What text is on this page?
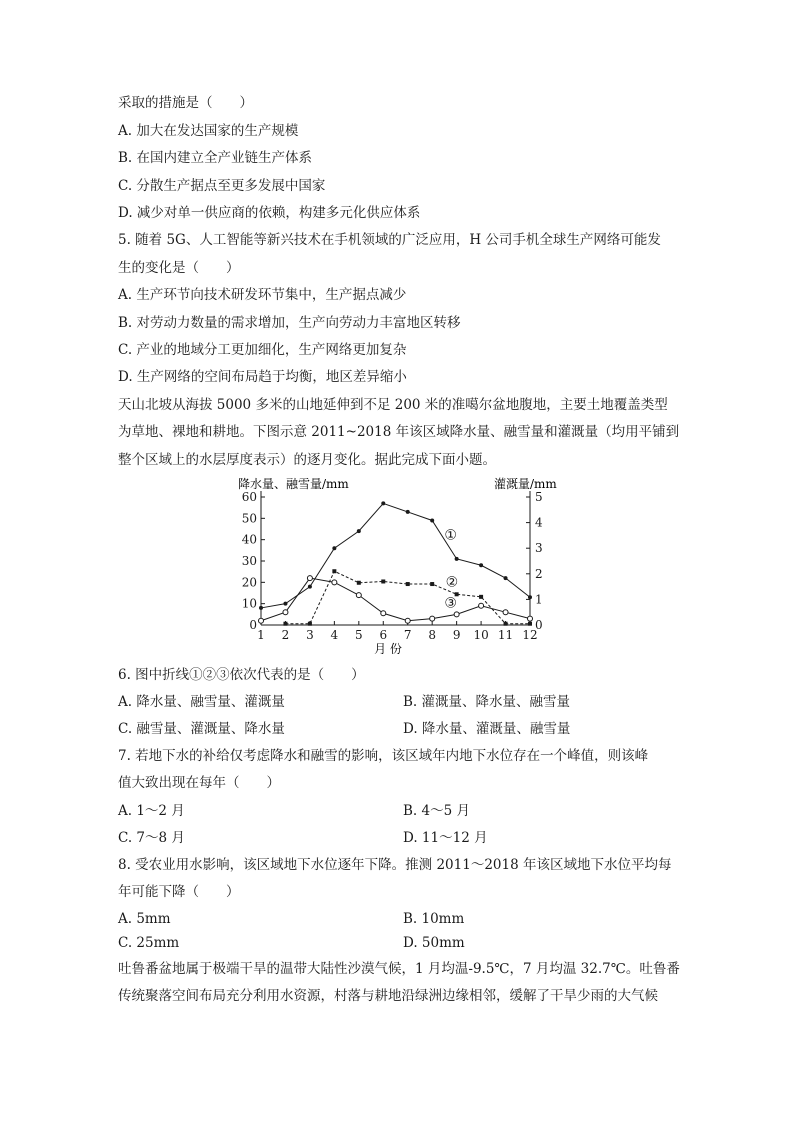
采取的措施是（　　）
A. 加大在发达国家的生产规模
B. 在国内建立全产业链生产体系
C. 分散生产据点至更多发展中国家
D. 减少对单一供应商的依赖，构建多元化供应体系
5. 随着 5G、人工智能等新兴技术在手机领域的广泛应用，H 公司手机全球生产网络可能发
生的变化是（　　）
A. 生产环节向技术研发环节集中，生产据点减少
B. 对劳动力数量的需求增加，生产向劳动力丰富地区转移
C. 产业的地域分工更加细化，生产网络更加复杂
D. 生产网络的空间布局趋于均衡，地区差异缩小
天山北坡从海拔 5000 多米的山地延伸到不足 200 米的准噶尔盆地腹地，主要土地覆盖类型
为草地、裸地和耕地。下图示意 2011~2018 年该区域降水量、融雪量和灌溉量（均用平铺到
整个区域上的水层厚度表示）的逐月变化。据此完成下面小题。
0
10
20
30
40
50
60
0
1
2
3
4
5
1 2 3 4 5 6 7 8 9 10 11 12
①
②
③
降水量、融雪量/mm	灌溉量/mm
月 份
6. 图中折线①②③依次代表的是（　　）
A. 降水量、融雪量、灌溉量	B. 灌溉量、降水量、融雪量
C. 融雪量、灌溉量、降水量	D. 降水量、灌溉量、融雪量
7. 若地下水的补给仅考虑降水和融雪的影响，该区域年内地下水位存在一个峰值，则该峰
值大致出现在每年（　　）
A. 1～2 月	B. 4～5 月
C. 7～8 月	D. 11～12 月
8. 受农业用水影响，该区域地下水位逐年下降。推测 2011～2018 年该区域地下水位平均每
年可能下降（　　）
A. 5mm	B. 10mm
C. 25mm	D. 50mm
吐鲁番盆地属于极端干旱的温带大陆性沙漠气候，1 月均温-9.5℃，7 月均温 32.7℃。吐鲁番
传统聚落空间布局充分利用水资源，村落与耕地沿绿洲边缘相邻，缓解了干旱少雨的大气候
